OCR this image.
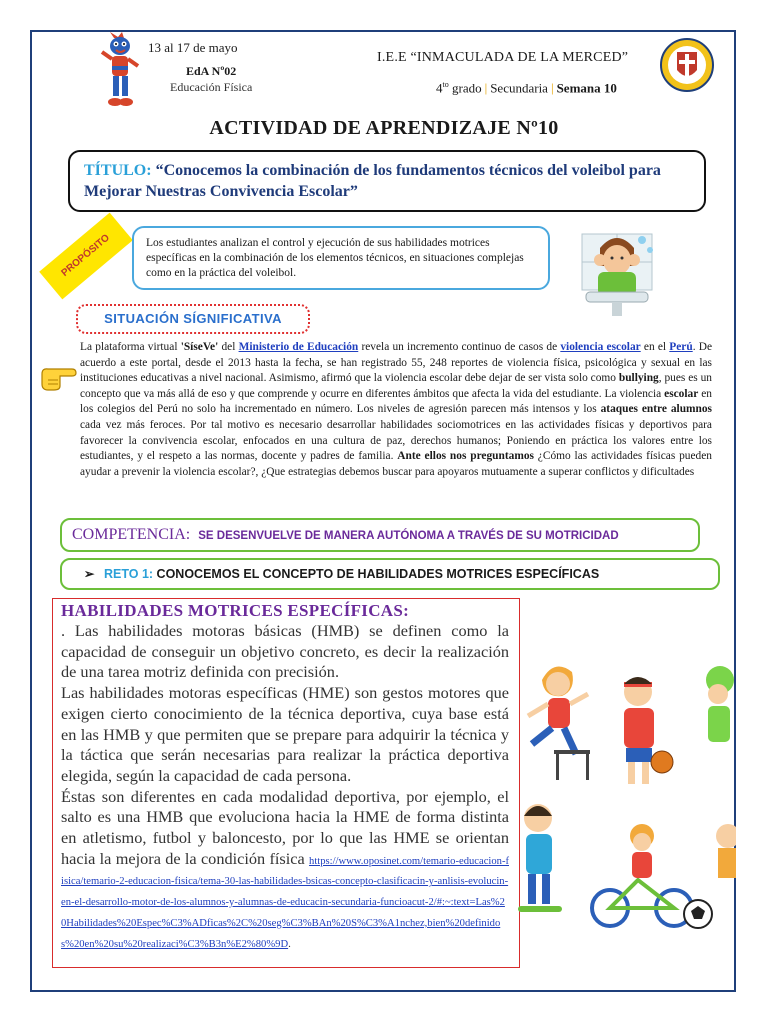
13 al 17 de mayo
EdA Nº02
Educación Física
I.E.E “INMACULADA DE LA MERCED”
$4^{to}$ grado | Secundaria | Semana 10
ACTIVIDAD DE APRENDIZAJE Nº10
TÍTULO: “Conocemos la combinación de los fundamentos técnicos del voleibol para Mejorar Nuestras Convivencia Escolar”
PROPÓSITO	Los estudiantes analizan el control y ejecución de sus habilidades motrices específicas en la combinación de los elementos técnicos, en situaciones complejas como en la práctica del voleibol.
SITUACIÓN SÍGNIFICATIVA
La plataforma virtual 'SíseVe' del Ministerio de Educación revela un incremento continuo de casos de violencia escolar en el Perú. De acuerdo a este portal, desde el 2013 hasta la fecha, se han registrado 55, 248 reportes de violencia física, psicológica y sexual en las instituciones educativas a nivel nacional. Asimismo, afirmó que la violencia escolar debe dejar de ser vista solo como bullying, pues es un concepto que va más allá de eso y que comprende y ocurre en diferentes ámbitos que afecta la vida del estudiante. La violencia escolar en los colegios del Perú no solo ha incrementado en número. Los niveles de agresión parecen más intensos y los ataques entre alumnos cada vez más feroces. Por tal motivo es necesario desarrollar habilidades sociomotrices en las actividades físicas y deportivos para favorecer la convivencia escolar, enfocados en una cultura de paz, derechos humanos; Poniendo en práctica los valores entre los estudiantes, y el respeto a las normas, docente y padres de familia. Ante ellos nos preguntamos ¿Cómo las actividades físicas pueden ayudar a prevenir la violencia escolar?, ¿Que estrategias debemos buscar para apoyaros mutuamente a superar conflictos y dificultades
COMPETENCIA: SE DESENVUELVE DE MANERA AUTÓNOMA A TRAVÉS DE SU MOTRICIDAD
➢ RETO 1: CONOCEMOS EL CONCEPTO DE HABILIDADES MOTRICES ESPECÍFICAS
HABILIDADES MOTRICES ESPECÍFICAS:
. Las habilidades motoras básicas (HMB) se definen como la capacidad de conseguir un objetivo concreto, es decir la realización de una tarea motriz definida con precisión.
Las habilidades motoras específicas (HME) son gestos motores que exigen cierto conocimiento de la técnica deportiva, cuya base está en las HMB y que permiten que se prepare para adquirir la técnica y la táctica que serán necesarias para realizar la práctica deportiva elegida, según la capacidad de cada persona.
Éstas son diferentes en cada modalidad deportiva, por ejemplo, el salto es una HMB que evoluciona hacia la HME de forma distinta en atletismo, futbol y baloncesto, por lo que las HME se orientan hacia la mejora de la condición física https://www.oposinet.com/temario-educacion-fisica/temario-2-educacion-fisica/tema-30-las-habilidades-bsicas-concepto-clasificacin-y-anlisis-evolucin-en-el-desarrollo-motor-de-los-alumnos-y-alumnas-de-educacin-secundaria-funcioacut-2/#:~:text=Las%20Habilidades%20Espec%C3%ADficas%2C%20seg%C3%BAn%20S%C3%A1nchez,bien%20definidos%20en%20su%20realizaci%C3%B3n%E2%80%9D.
